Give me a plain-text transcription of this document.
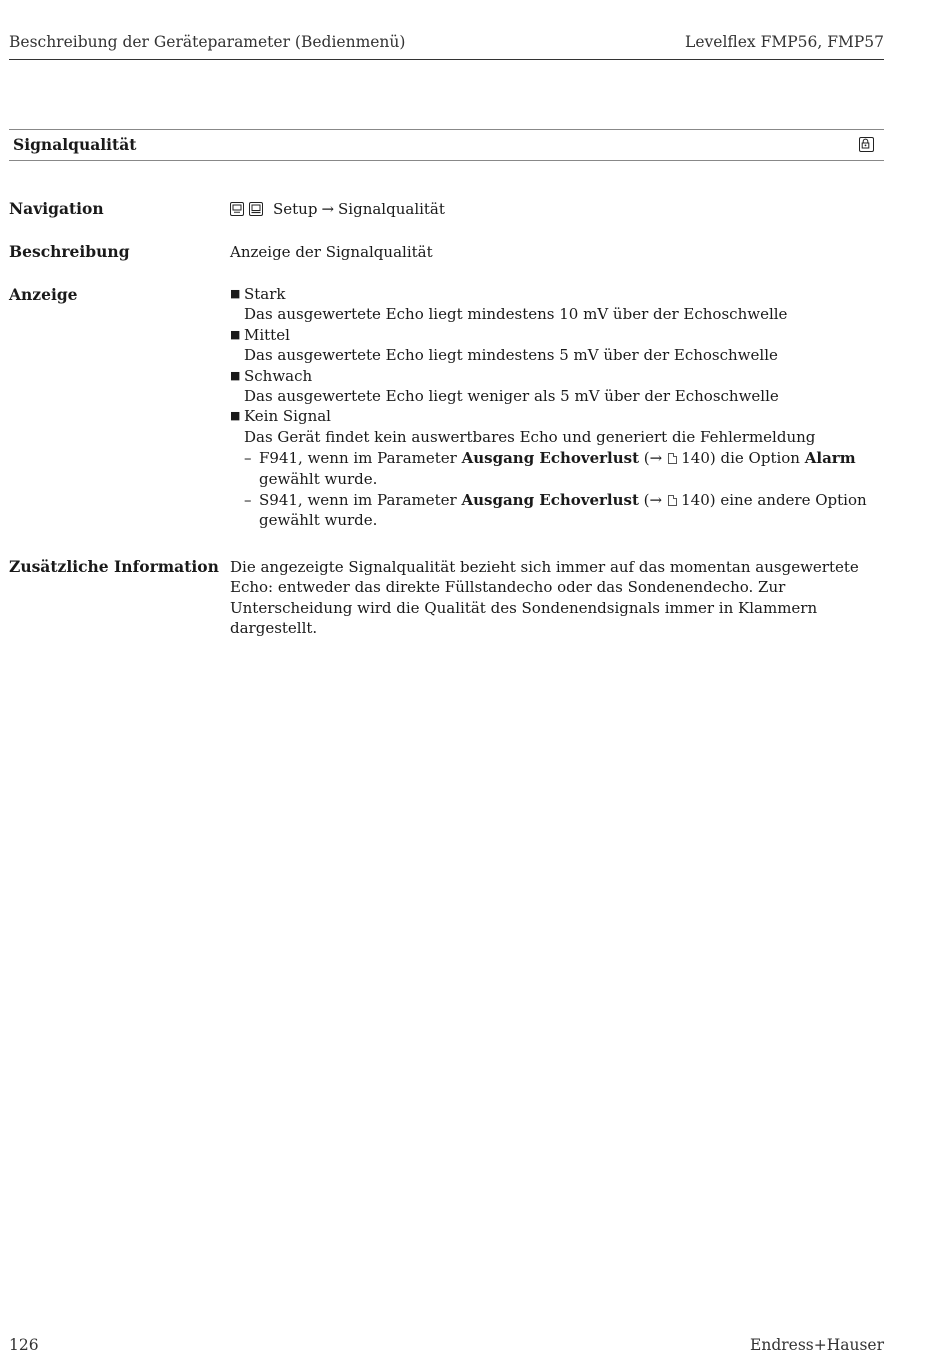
Beschreibung der Geräteparameter (Bedienmenü)	Levelflex FMP56, FMP57
Signalqualität
Navigation	Setup → Signalqualität
Beschreibung	Anzeige der Signalqualität
Anzeige
■	Stark
Das ausgewertete Echo liegt mindestens 10 mV über der Echoschwelle
■ Mittel
Das ausgewertete Echo liegt mindestens 5 mV über der Echoschwelle
■ Schwach
Das ausgewertete Echo liegt weniger als 5 mV über der Echoschwelle
■ Kein Signal
Das Gerät findet kein auswertbares Echo und generiert die Fehlermeldung
– F941, wenn im Parameter Ausgang Echoverlust (→ 140) die Option Alarm gewählt wurde.
– S941, wenn im Parameter Ausgang Echoverlust (→ 140) eine andere Option gewählt wurde.
Zusätzliche Information Die angezeigte Signalqualität bezieht sich immer auf das momentan ausgewertete Echo: entweder das direkte Füllstandecho oder das Sondenendecho. Zur Unterscheidung wird die Qualität des Sondenendsignals immer in Klammern dargestellt.
126	Endress+Hauser
